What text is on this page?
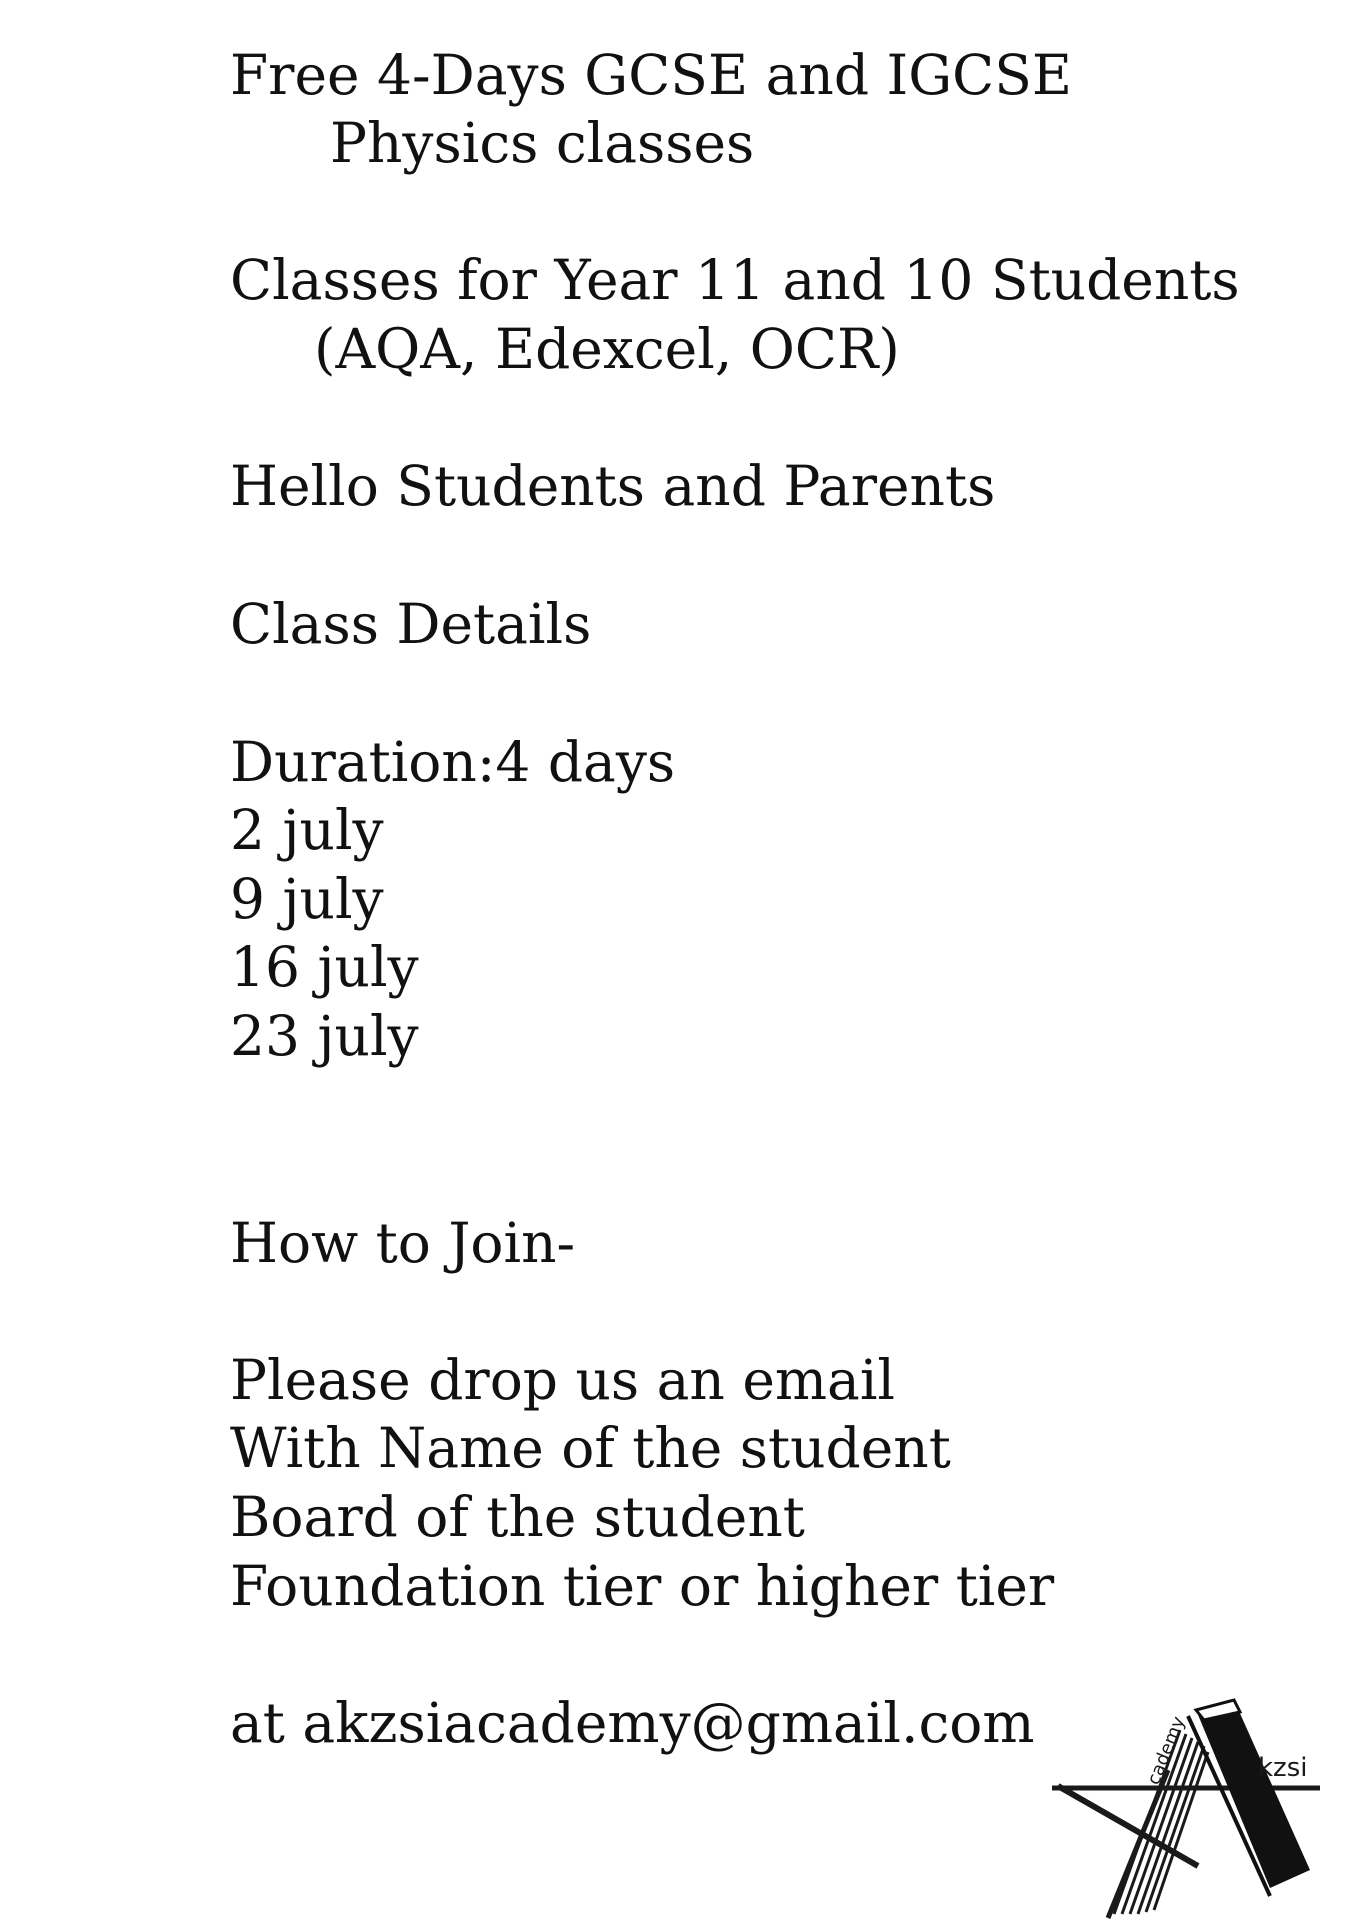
Free 4-Days GCSE and IGCSE
Physics classes

Classes for Year 11 and 10 Students

(AQA, Edexcel, OCR)

Hello Students and Parents

Class Details

Duration:4 days

2 july

9 july

16 july

23 july

How to Join-

Please drop us an email

With Name of the student

Board of the student

Foundation tier or higher tier

at akzsiacademy@gmail.com

kzsi
cademy
